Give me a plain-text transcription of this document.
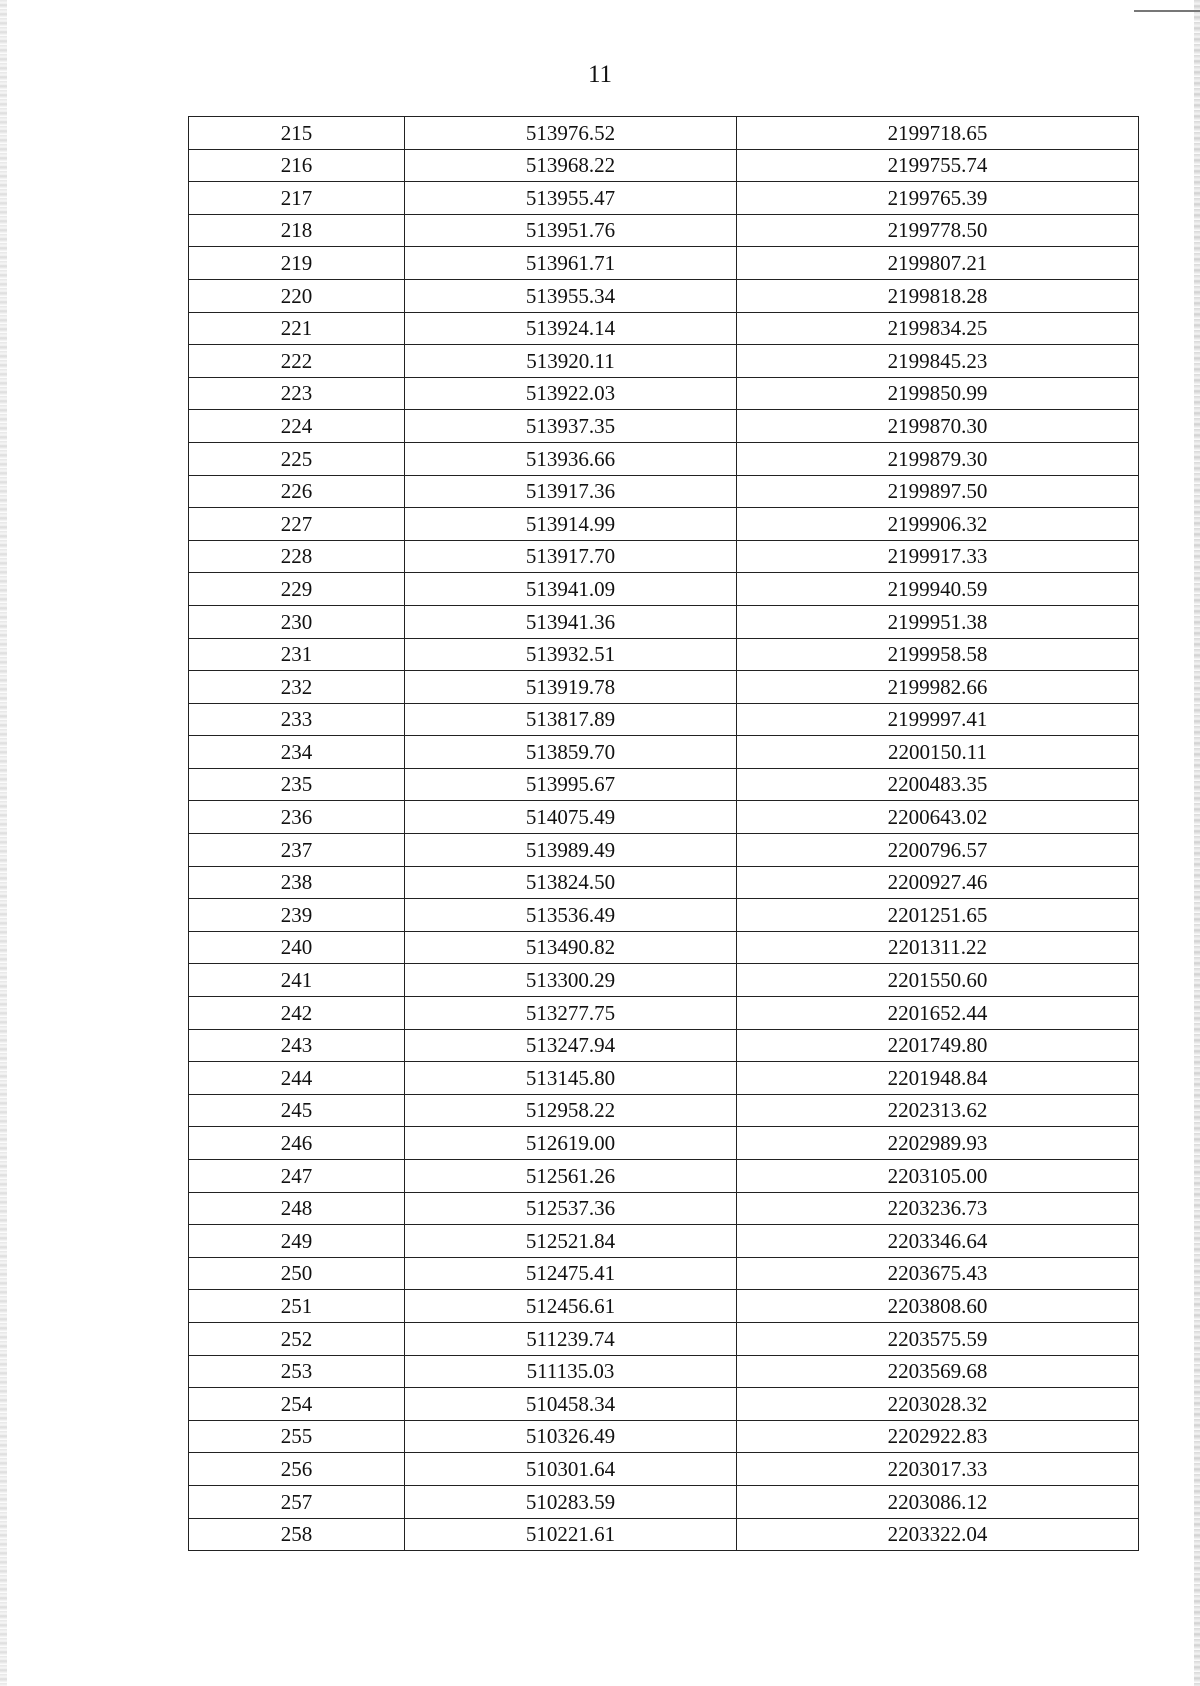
11
215	513976.52	2199718.65
216	513968.22	2199755.74
217	513955.47	2199765.39
218	513951.76	2199778.50
219	513961.71	2199807.21
220	513955.34	2199818.28
221	513924.14	2199834.25
222	513920.11	2199845.23
223	513922.03	2199850.99
224	513937.35	2199870.30
225	513936.66	2199879.30
226	513917.36	2199897.50
227	513914.99	2199906.32
228	513917.70	2199917.33
229	513941.09	2199940.59
230	513941.36	2199951.38
231	513932.51	2199958.58
232	513919.78	2199982.66
233	513817.89	2199997.41
234	513859.70	2200150.11
235	513995.67	2200483.35
236	514075.49	2200643.02
237	513989.49	2200796.57
238	513824.50	2200927.46
239	513536.49	2201251.65
240	513490.82	2201311.22
241	513300.29	2201550.60
242	513277.75	2201652.44
243	513247.94	2201749.80
244	513145.80	2201948.84
245	512958.22	2202313.62
246	512619.00	2202989.93
247	512561.26	2203105.00
248	512537.36	2203236.73
249	512521.84	2203346.64
250	512475.41	2203675.43
251	512456.61	2203808.60
252	511239.74	2203575.59
253	511135.03	2203569.68
254	510458.34	2203028.32
255	510326.49	2202922.83
256	510301.64	2203017.33
257	510283.59	2203086.12
258	510221.61	2203322.04
